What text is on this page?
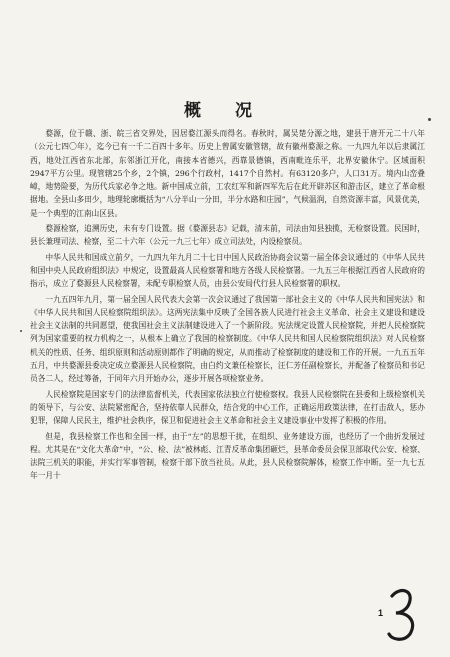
概 况

婺源，位于赣、浙、皖三省交界处，因居婺江源头而得名。春秋时，属吴楚分源之地，建县于唐开元二十八年（公元七四〇年），迄今已有一千二百四十多年。历史上曾属安徽管辖，故有徽州婺源之称。一九四九年以后隶属江西，地处江西省东北部，东邻浙江开化，南接本省德兴，西靠景德镇，西南毗连乐平，北界安徽休宁。区域面积2947平方公里。现管辖25个乡，2个镇，296个行政村，1417个自然村。有63120多户，人口31万。境内山峦叠嶂，地势险要，为历代兵家必争之地。新中国成立前，工农红军和新四军先后在此开辟苏区和游击区，建立了革命根据地。全县山多田少，地理轮廓概括为“八分半山一分田，半分水路和庄园”，气候温润，自然资源丰富，风景优美，是一个典型的江南山区县。

婺源检察，追溯历史，未有专门设置。据《婺源县志》记载，清末前，司法由知县独揽，无检察设置。民国时，县长兼理司法、检察，至二十六年（公元一九三七年）成立司法处，内设检察员。

中华人民共和国成立前夕，一九四九年九月二十七日中国人民政治协商会议第一届全体会议通过的《中华人民共和国中央人民政府组织法》中规定，设置最高人民检察署和地方各级人民检察署。一九五三年根据江西省人民政府的指示，成立了婺源县人民检察署，未配专职检察人员，由县公安局代行县人民检察署的职权。

一九五四年九月，第一届全国人民代表大会第一次会议通过了我国第一部社会主义的《中华人民共和国宪法》和《中华人民共和国人民检察院组织法》。这两宪法集中反映了全国各族人民进行社会主义革命、社会主义建设和建设社会主义法制的共同愿望，使我国社会主义法制建设进入了一个新阶段。宪法规定设置人民检察院，并把人民检察院列为国家重要的权力机构之一，从根本上确立了我国的检察制度。《中华人民共和国人民检察院组织法》对人民检察机关的性质、任务、组织原则和活动原则都作了明确的规定，从而推动了检察制度的建设和工作的开展。一九五五年五月，中共婺源县委决定成立婺源县人民检察院，由白约文兼任检察长，汪仁芳任副检察长，并配备了检察员和书记员各二人，经过筹备，于同年六月开始办公，逐步开展各项检察业务。

人民检察院是国家专门的法律监督机关，代表国家依法独立行使检察权。我县人民检察院在县委和上级检察机关的领导下，与公安、法院紧密配合，坚持依靠人民群众，结合党的中心工作，正确运用政策法律，在打击敌人，惩办犯罪，保障人民民主，维护社会秩序，保卫和促进社会主义革命和社会主义建设事业中发挥了积极的作用。

但是，我县检察工作也和全国一样，由于“左”的思想干扰，在组织、业务建设方面，也经历了一个曲折发展过程。尤其是在“文化大革命”中，“公、检、法”被林彪、江青反革命集团砸烂，县革命委员会保卫部取代公安、检察、法院三机关的职能，并实行军事管制，检察干部下放当社员。从此，县人民检察院解体，检察工作中断。至一九七五年一月十

1
